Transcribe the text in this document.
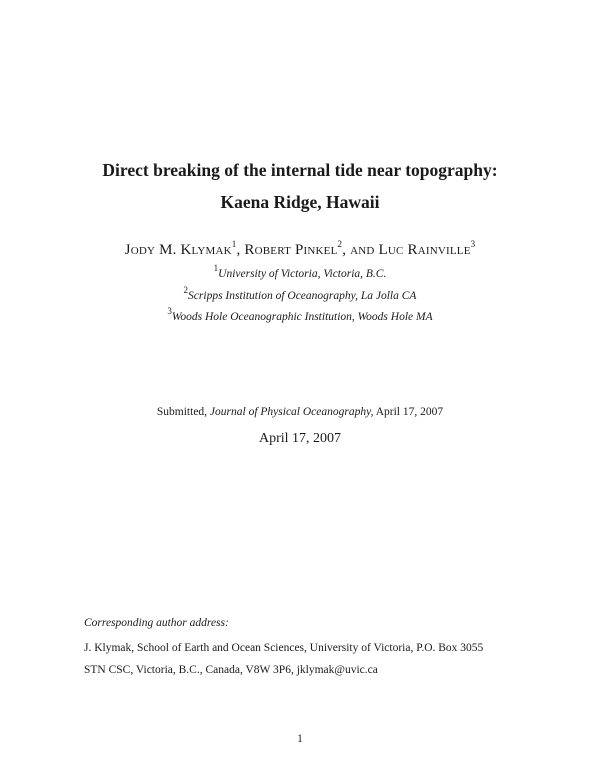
Direct breaking of the internal tide near topography:
Kaena Ridge, Hawaii
Jody M. Klymak$^1$, Robert Pinkel$^2$, and Luc Rainville$^3$
$^1$University of Victoria, Victoria, B.C.
$^2$Scripps Institution of Oceanography, La Jolla CA
$^3$Woods Hole Oceanographic Institution, Woods Hole MA
Submitted, Journal of Physical Oceanography, April 17, 2007
April 17, 2007
Corresponding author address:
J. Klymak, School of Earth and Ocean Sciences, University of Victoria, P.O. Box 3055
STN CSC, Victoria, B.C., Canada, V8W 3P6, jklymak@uvic.ca
1
